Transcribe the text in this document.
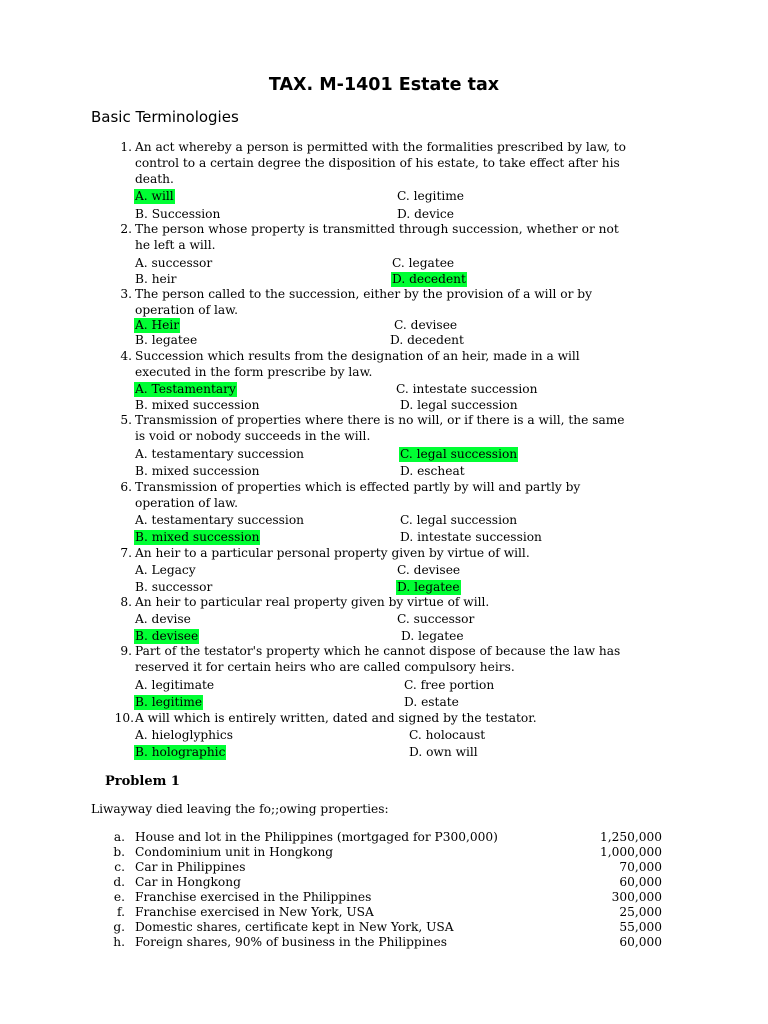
TAX. M-1401 Estate tax
Basic Terminologies
1. An act whereby a person is permitted with the formalities prescribed by law, to
control to a certain degree the disposition of his estate, to take effect after his
death.
A. will
B. Succession
C. legitime
D. device
2. The person whose property is transmitted through succession, whether or not
he left a will.
A. successor
B. heir
C. legatee
D. decedent
3. The person called to the succession, either by the provision of a will or by
operation of law.
A. Heir
B. legatee
C. devisee
D. decedent
4. Succession which results from the designation of an heir, made in a will
executed in the form prescribe by law.
A. Testamentary
B. mixed succession
C. intestate succession
D. legal succession
5. Transmission of properties where there is no will, or if there is a will, the same
is void or nobody succeeds in the will.
A. testamentary succession
B. mixed succession
C. legal succession
D. escheat
6. Transmission of properties which is effected partly by will and partly by
operation of law.
A. testamentary succession
B. mixed succession
C. legal succession
D. intestate succession
7. An heir to a particular personal property given by virtue of will.
A. Legacy
B. successor
C. devisee
D. legatee
8. An heir to particular real property given by virtue of will.
A. devise
B. devisee
C. successor
D. legatee
9. Part of the testator's property which he cannot dispose of because the law has
reserved it for certain heirs who are called compulsory heirs.
A. legitimate
B. legitime
C. free portion
D. estate
10. A will which is entirely written, dated and signed by the testator.
A. hieloglyphics
B. holographic
C. holocaust
D. own will
Problem 1
Liwayway died leaving the fo;;owing properties:
a. House and lot in the Philippines (mortgaged for P300,000)	1,250,000
b. Condominium unit in Hongkong	1,000,000
c. Car in Philippines	70,000
d. Car in Hongkong	60,000
e. Franchise exercised in the Philippines	300,000
f. Franchise exercised in New York, USA	25,000
g. Domestic shares, certificate kept in New York, USA	55,000
h. Foreign shares, 90% of business in the Philippines	60,000
